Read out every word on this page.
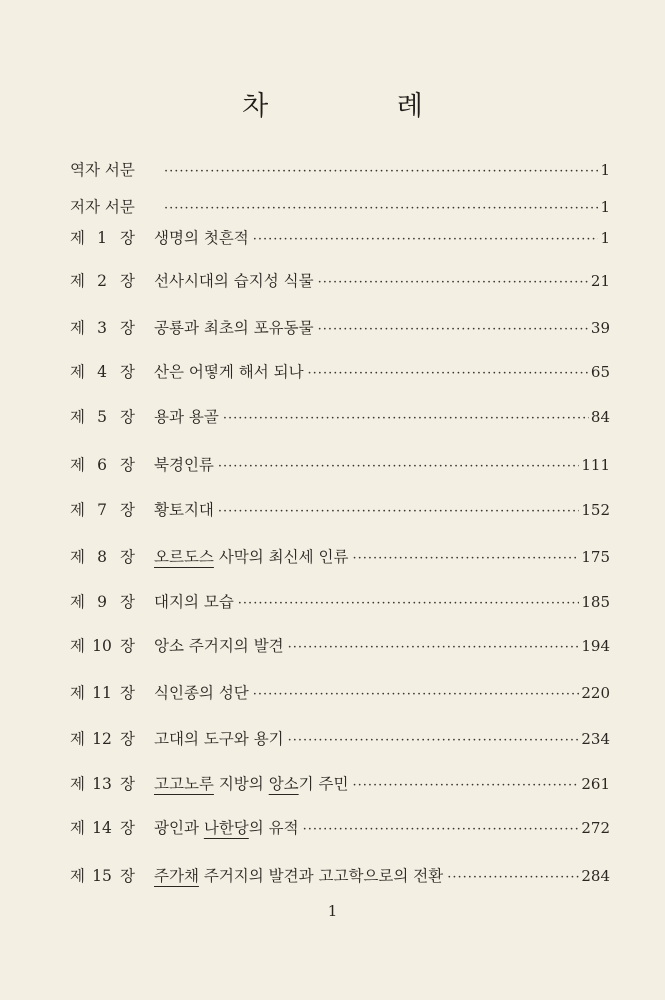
차 례
역자 서문 ·····	1
저자 서문 ·····	1
제 1 장	생명의 첫흔적 ·····	1
제 2 장	선사시대의 습지성 식물 ·····	21
제 3 장	공룡과 최초의 포유동물 ·····	39
제 4 장	산은 어떻게 해서 되나 ·····	65
제 5 장	용과 용골 ·····	84
제 6 장	북경인류 ·····	111
제 7 장	황토지대 ·····	152
제 8 장	오르도스 사막의 최신세 인류 ·····	175
제 9 장	대지의 모습 ·····	185
제 10 장	앙소 주거지의 발견 ·····	194
제 11 장	식인종의 성단 ·····	220
제 12 장	고대의 도구와 용기 ·····	234
제 13 장	고고노루 지방의 앙소기 주민 ·····	261
제 14 장	광인과 나한당의 유적 ·····	272
제 15 장	주가채 주거지의 발견과 고고학으로의 전환 ·····	284
1
